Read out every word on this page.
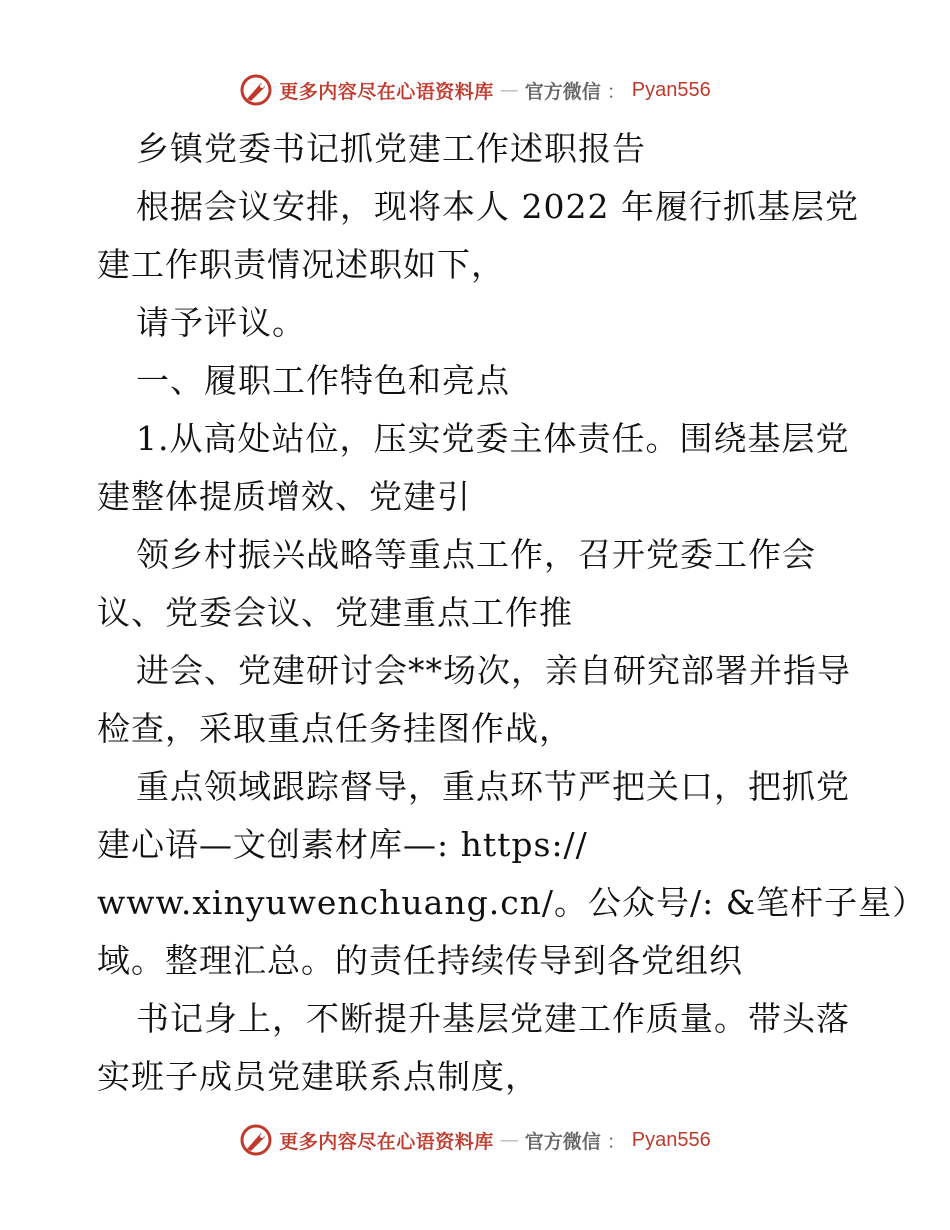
更多内容尽在心语资料库 — 官方微信 ： Pyan556
乡镇党委书记抓党建工作述职报告
根据会议安排，现将本人 2022 年履行抓基层党
建工作职责情况述职如下，
请予评议。
一、履职工作特色和亮点
1.从高处站位，压实党委主体责任。围绕基层党
建整体提质增效、党建引
领乡村振兴战略等重点工作，召开党委工作会
议、党委会议、党建重点工作推
进会、党建研讨会**场次，亲自研究部署并指导
检查，采取重点任务挂图作战，
重点领域跟踪督导，重点环节严把关口，把抓党
建心语—文创素材库—: https://
www.xinyuwenchuang.cn/。公众号/: &笔杆子星）
域。整理汇总。的责任持续传导到各党组织
书记身上，不断提升基层党建工作质量。带头落
实班子成员党建联系点制度，
更多内容尽在心语资料库 — 官方微信 ： Pyan556
